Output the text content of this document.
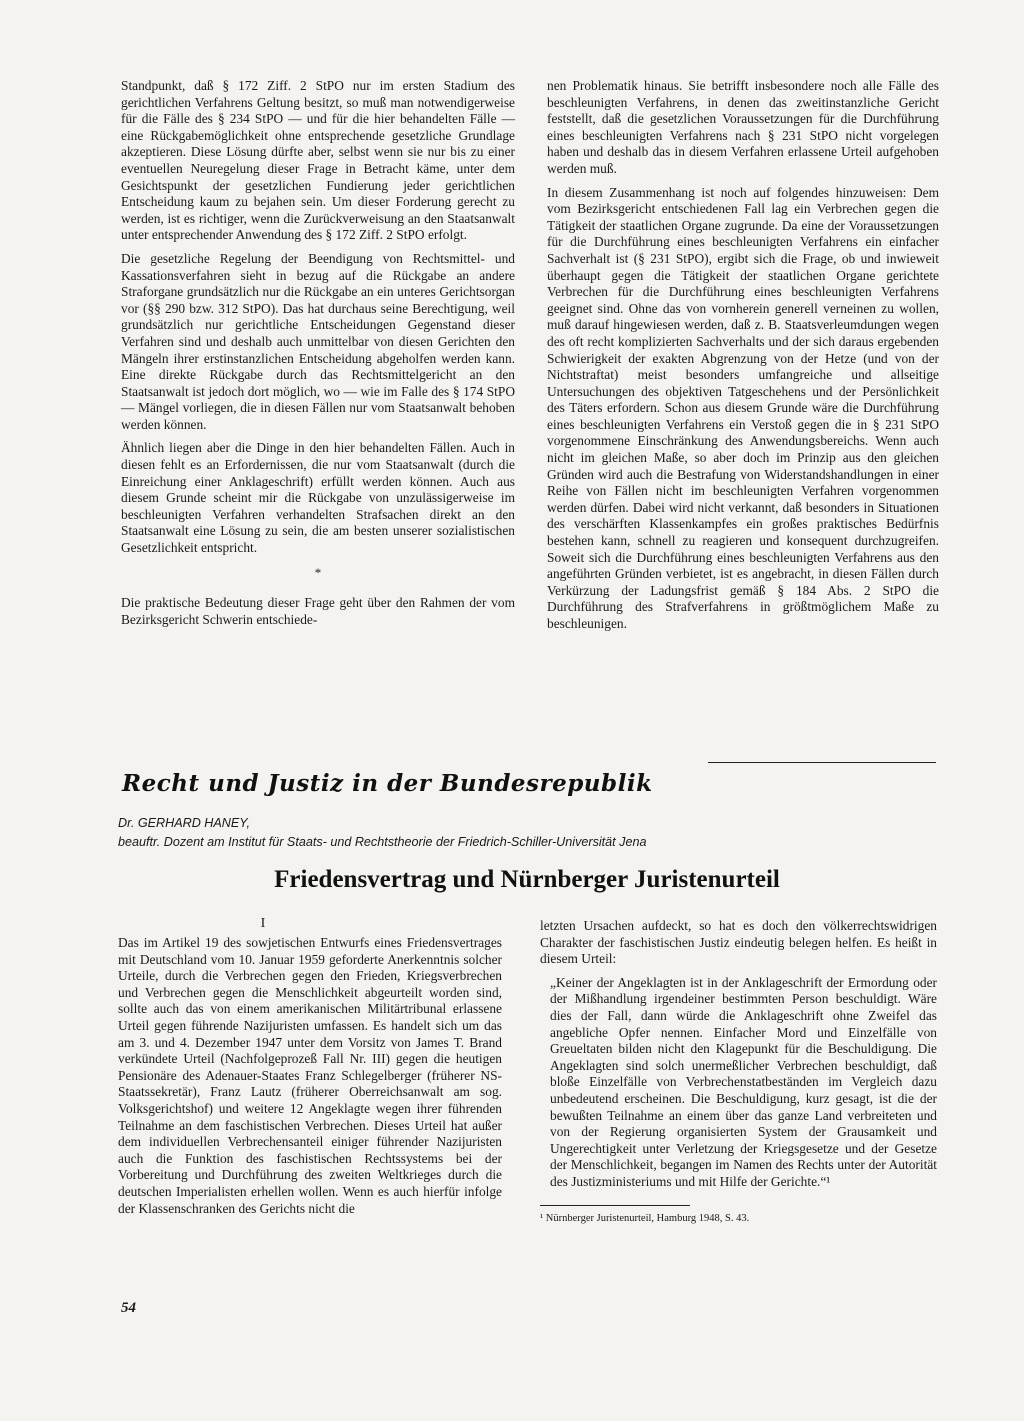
Standpunkt, daß § 172 Ziff. 2 StPO nur im ersten Stadium des gerichtlichen Verfahrens Geltung besitzt, so muß man notwendigerweise für die Fälle des § 234 StPO — und für die hier behandelten Fälle — eine Rückgabemöglichkeit ohne entsprechende gesetzliche Grundlage akzeptieren. Diese Lösung dürfte aber, selbst wenn sie nur bis zu einer eventuellen Neuregelung dieser Frage in Betracht käme, unter dem Gesichtspunkt der gesetzlichen Fundierung jeder gerichtlichen Entscheidung kaum zu bejahen sein. Um dieser Forderung gerecht zu werden, ist es richtiger, wenn die Zurückverweisung an den Staatsanwalt unter entsprechender Anwendung des § 172 Ziff. 2 StPO erfolgt.

Die gesetzliche Regelung der Beendigung von Rechtsmittel- und Kassationsverfahren sieht in bezug auf die Rückgabe an andere Straforgane grundsätzlich nur die Rückgabe an ein unteres Gerichtsorgan vor (§§ 290 bzw. 312 StPO). Das hat durchaus seine Berechtigung, weil grundsätzlich nur gerichtliche Entscheidungen Gegenstand dieser Verfahren sind und deshalb auch unmittelbar von diesen Gerichten den Mängeln ihrer erstinstanzlichen Entscheidung abgeholfen werden kann. Eine direkte Rückgabe durch das Rechtsmittelgericht an den Staatsanwalt ist jedoch dort möglich, wo — wie im Falle des § 174 StPO — Mängel vorliegen, die in diesen Fällen nur vom Staatsanwalt behoben werden können.

Ähnlich liegen aber die Dinge in den hier behandelten Fällen. Auch in diesen fehlt es an Erfordernissen, die nur vom Staatsanwalt (durch die Einreichung einer Anklageschrift) erfüllt werden können. Auch aus diesem Grunde scheint mir die Rückgabe von unzulässigerweise im beschleunigten Verfahren verhandelten Strafsachen direkt an den Staatsanwalt eine Lösung zu sein, die am besten unserer sozialistischen Gesetzlichkeit entspricht.

*

Die praktische Bedeutung dieser Frage geht über den Rahmen der vom Bezirksgericht Schwerin entschiede-

nen Problematik hinaus. Sie betrifft insbesondere noch alle Fälle des beschleunigten Verfahrens, in denen das zweitinstanzliche Gericht feststellt, daß die gesetzlichen Voraussetzungen für die Durchführung eines beschleunigten Verfahrens nach § 231 StPO nicht vorgelegen haben und deshalb das in diesem Verfahren erlassene Urteil aufgehoben werden muß.

In diesem Zusammenhang ist noch auf folgendes hinzuweisen: Dem vom Bezirksgericht entschiedenen Fall lag ein Verbrechen gegen die Tätigkeit der staatlichen Organe zugrunde. Da eine der Voraussetzungen für die Durchführung eines beschleunigten Verfahrens ein einfacher Sachverhalt ist (§ 231 StPO), ergibt sich die Frage, ob und inwieweit überhaupt gegen die Tätigkeit der staatlichen Organe gerichtete Verbrechen für die Durchführung eines beschleunigten Verfahrens geeignet sind. Ohne das von vornherein generell verneinen zu wollen, muß darauf hingewiesen werden, daß z. B. Staatsverleumdungen wegen des oft recht komplizierten Sachverhalts und der sich daraus ergebenden Schwierigkeit der exakten Abgrenzung von der Hetze (und von der Nichtstraftat) meist besonders umfangreiche und allseitige Untersuchungen des objektiven Tatgeschehens und der Persönlichkeit des Täters erfordern. Schon aus diesem Grunde wäre die Durchführung eines beschleunigten Verfahrens ein Verstoß gegen die in § 231 StPO vorgenommene Einschränkung des Anwendungsbereichs. Wenn auch nicht im gleichen Maße, so aber doch im Prinzip aus den gleichen Gründen wird auch die Bestrafung von Widerstandshandlungen in einer Reihe von Fällen nicht im beschleunigten Verfahren vorgenommen werden dürfen. Dabei wird nicht verkannt, daß besonders in Situationen des verschärften Klassenkampfes ein großes praktisches Bedürfnis bestehen kann, schnell zu reagieren und konsequent durchzugreifen. Soweit sich die Durchführung eines beschleunigten Verfahrens aus den angeführten Gründen verbietet, ist es angebracht, in diesen Fällen durch Verkürzung der Ladungsfrist gemäß § 184 Abs. 2 StPO die Durchführung des Strafverfahrens in größtmöglichem Maße zu beschleunigen.

Recht und Justiz in der Bundesrepublik
Dr. GERHARD HANEY,
beauftr. Dozent am Institut für Staats- und Rechtstheorie der Friedrich-Schiller-Universität Jena
Friedensvertrag und Nürnberger Juristenurteil
I

Das im Artikel 19 des sowjetischen Entwurfs eines Friedensvertrages mit Deutschland vom 10. Januar 1959 geforderte Anerkenntnis solcher Urteile, durch die Verbrechen gegen den Frieden, Kriegsverbrechen und Verbrechen gegen die Menschlichkeit abgeurteilt worden sind, sollte auch das von einem amerikanischen Militärtribunal erlassene Urteil gegen führende Nazijuristen umfassen. Es handelt sich um das am 3. und 4. Dezember 1947 unter dem Vorsitz von James T. Brand verkündete Urteil (Nachfolgeprozeß Fall Nr. III) gegen die heutigen Pensionäre des Adenauer-Staates Franz Schlegelberger (früherer NS-Staatssekretär), Franz Lautz (früherer Oberreichsanwalt am sog. Volksgerichtshof) und weitere 12 Angeklagte wegen ihrer führenden Teilnahme an dem faschistischen Verbrechen. Dieses Urteil hat außer dem individuellen Verbrechensanteil einiger führender Nazijuristen auch die Funktion des faschistischen Rechtssystems bei der Vorbereitung und Durchführung des zweiten Weltkrieges durch die deutschen Imperialisten erhellen wollen. Wenn es auch hierfür infolge der Klassenschranken des Gerichts nicht die

letzten Ursachen aufdeckt, so hat es doch den völkerrechtswidrigen Charakter der faschistischen Justiz eindeutig belegen helfen. Es heißt in diesem Urteil:

„Keiner der Angeklagten ist in der Anklageschrift der Ermordung oder der Mißhandlung irgendeiner bestimmten Person beschuldigt. Wäre dies der Fall, dann würde die Anklageschrift ohne Zweifel das angebliche Opfer nennen. Einfacher Mord und Einzelfälle von Greueltaten bilden nicht den Klagepunkt für die Beschuldigung. Die Angeklagten sind solch unermeßlicher Verbrechen beschuldigt, daß bloße Einzelfälle von Verbrechenstatbeständen im Vergleich dazu unbedeutend erscheinen. Die Beschuldigung, kurz gesagt, ist die der bewußten Teilnahme an einem über das ganze Land verbreiteten und von der Regierung organisierten System der Grausamkeit und Ungerechtigkeit unter Verletzung der Kriegsgesetze und der Gesetze der Menschlichkeit, begangen im Namen des Rechts unter der Autorität des Justizministeriums und mit Hilfe der Gerichte.“¹

¹ Nürnberger Juristenurteil, Hamburg 1948, S. 43.
54
